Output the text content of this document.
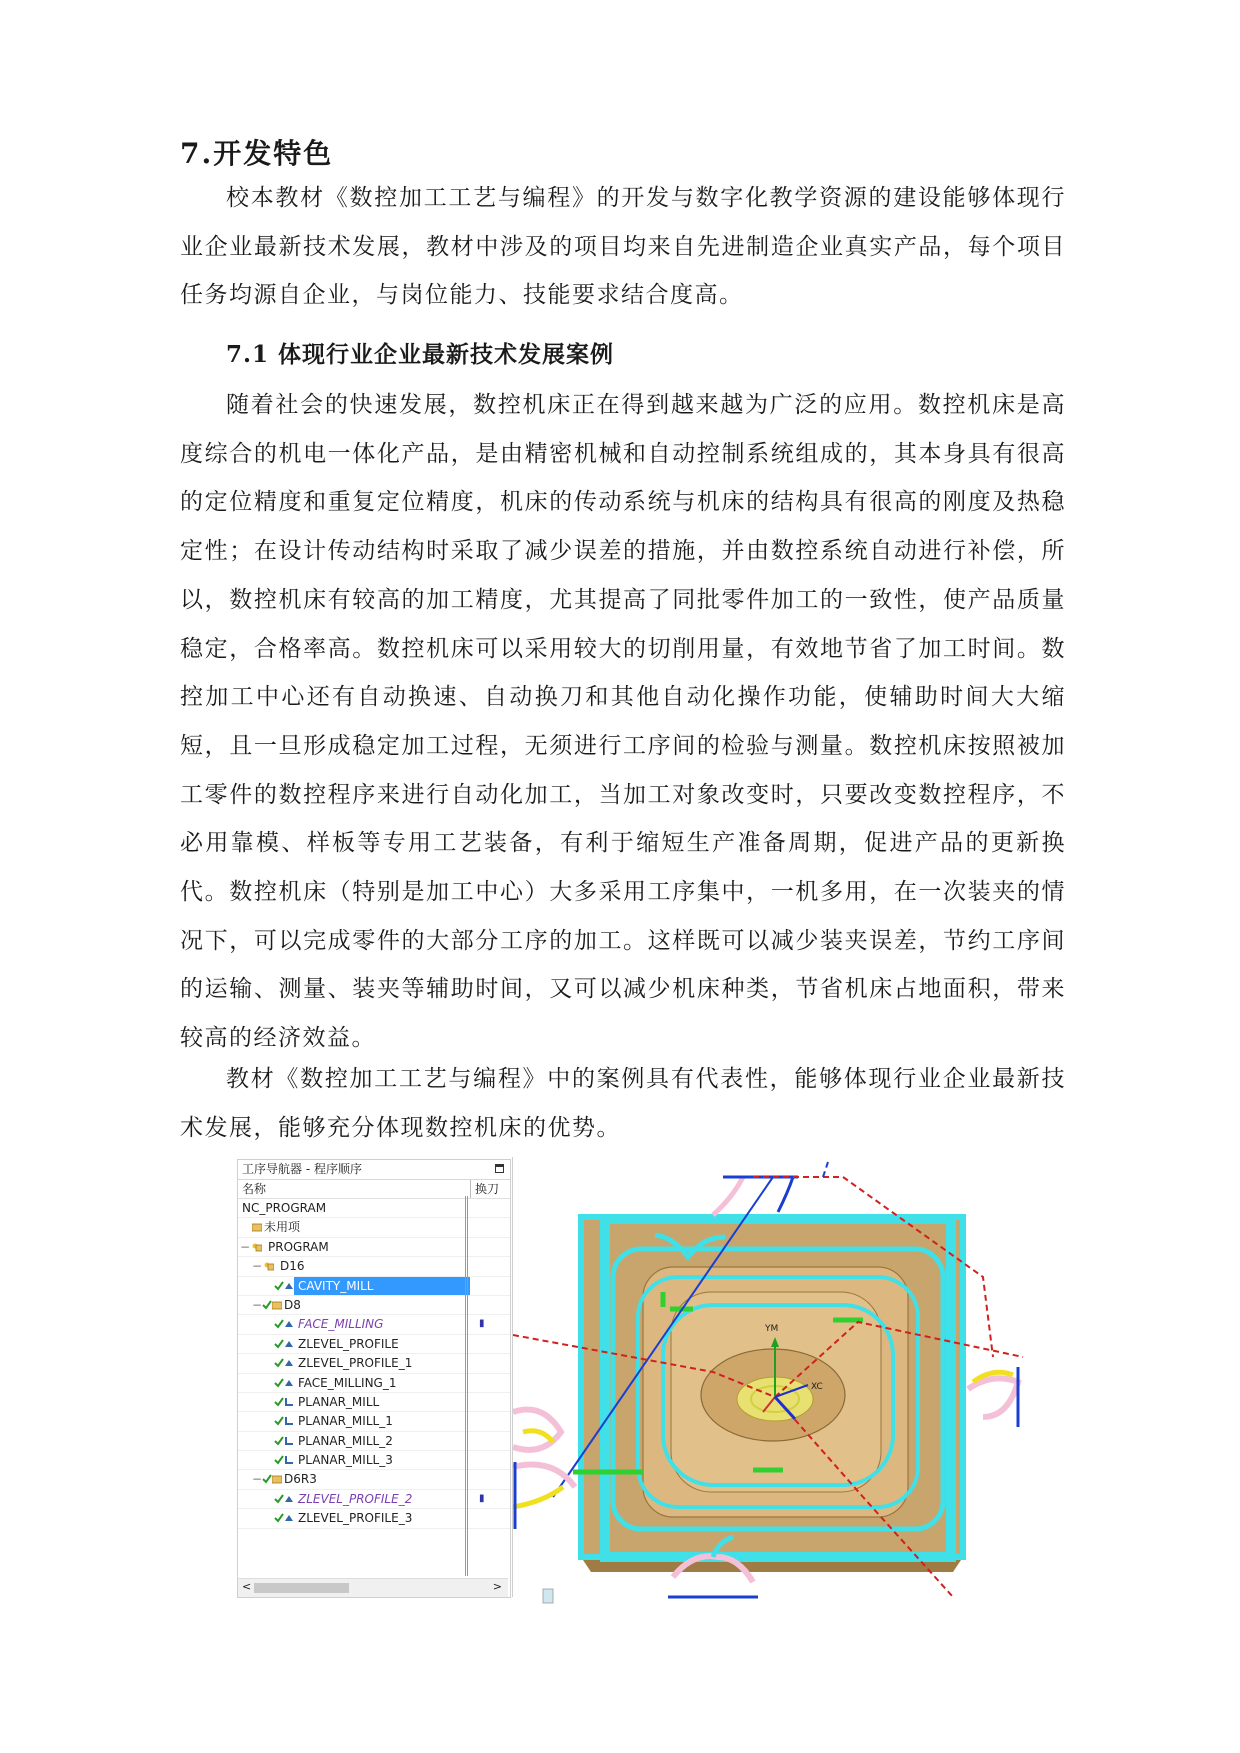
7.开发特色

校本教材《数控加工工艺与编程》的开发与数字化教学资源的建设能够体现行业企业最新技术发展，教材中涉及的项目均来自先进制造企业真实产品，每个项目任务均源自企业，与岗位能力、技能要求结合度高。

7.1 体现行业企业最新技术发展案例

随着社会的快速发展，数控机床正在得到越来越为广泛的应用。数控机床是高度综合的机电一体化产品，是由精密机械和自动控制系统组成的，其本身具有很高的定位精度和重复定位精度，机床的传动系统与机床的结构具有很高的刚度及热稳定性；在设计传动结构时采取了减少误差的措施，并由数控系统自动进行补偿，所以，数控机床有较高的加工精度，尤其提高了同批零件加工的一致性，使产品质量稳定，合格率高。数控机床可以采用较大的切削用量，有效地节省了加工时间。数控加工中心还有自动换速、自动换刀和其他自动化操作功能，使辅助时间大大缩短，且一旦形成稳定加工过程，无须进行工序间的检验与测量。数控机床按照被加工零件的数控程序来进行自动化加工，当加工对象改变时，只要改变数控程序，不必用靠模、样板等专用工艺装备，有利于缩短生产准备周期，促进产品的更新换代。数控机床（特别是加工中心）大多采用工序集中，一机多用，在一次装夹的情况下，可以完成零件的大部分工序的加工。这样既可以减少装夹误差，节约工序间的运输、测量、装夹等辅助时间，又可以减少机床种类，节省机床占地面积，带来较高的经济效益。

教材《数控加工工艺与编程》中的案例具有代表性，能够体现行业企业最新技术发展，能够充分体现数控机床的优势。

工序导航器 - 程序顺序
名称	换刀
NC_PROGRAM
未用项
− PROGRAM
− D16
CAVITY_MILL	▮
− D8
FACE_MILLING	▮
ZLEVEL_PROFILE
ZLEVEL_PROFILE_1
FACE_MILLING_1
PLANAR_MILL
PLANAR_MILL_1
PLANAR_MILL_2
PLANAR_MILL_3
− D6R3
ZLEVEL_PROFILE_2	▮
ZLEVEL_PROFILE_3
<	>
YM
XC
